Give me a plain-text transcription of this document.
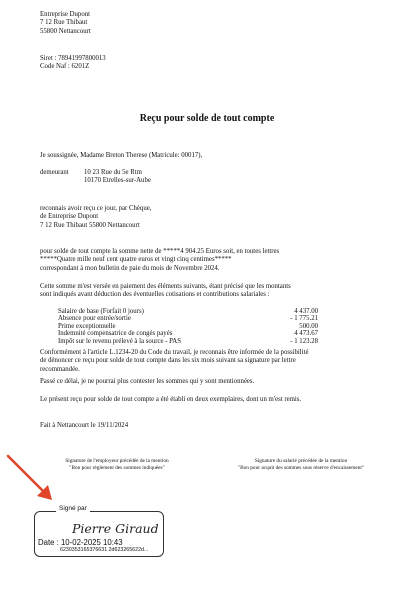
Entreprise Dupont
7 12 Rue Thibaut
55800 Nettancourt
Siret : 78941997800013
Code Naf : 6201Z
Reçu pour solde de tout compte
Je soussignée, Madame Breton Therese (Matricule: 00017),
demeurant 10 23 Rue du 5e Rtm
10170 Etrelles-sur-Aube
reconnais avoir reçu ce jour, par Chèque,
de Entreprise Dupont
7 12 Rue Thibaut 55800 Nettancourt
pour solde de tout compte la somme nette de *****4 904.25 Euros soit, en toutes lettres
*****Quatre mille neuf cent quatre euros et vingt cinq centimes*****
correspondant à mon bulletin de paie du mois de Novembre 2024.
Cette somme m'est versée en paiement des éléments suivants, étant précisé que les montants
sont indiqués avant déduction des éventuelles cotisations et contributions salariales :
Salaire de base (Forfait 0 jours)	4 437.00
Absence pour entrée/sortie	- 1 775.21
Prime exceptionnelle	500.00
Indemnité compensatrice de congés payés	4 473.67
Impôt sur le revenu prélevé à la source - PAS	- 1 123.28
Conformément à l'article L.1234-20 du Code du travail, je reconnais être informée de la possibilité
de dénoncer ce reçu pour solde de tout compte dans les six mois suivant sa signature par lettre
recommandée.
Passé ce délai, je ne pourrai plus contester les sommes qui y sont mentionnées.
Le présent reçu pour solde de tout compte a été établi en deux exemplaires, dont un m'est remis.
Fait à Nettancourt le 19/11/2024
Signature de l'employeur précédée de la mention
"Bon pour règlement des sommes indiquées"
Signature du salarié précédée de la mention
"Bon pour acquit des sommes sous réserve d'encaissement"
Signé par
Pierre Giraud
Date : 10-02-2025 10:43
6230353165376631 2d623265622d...
